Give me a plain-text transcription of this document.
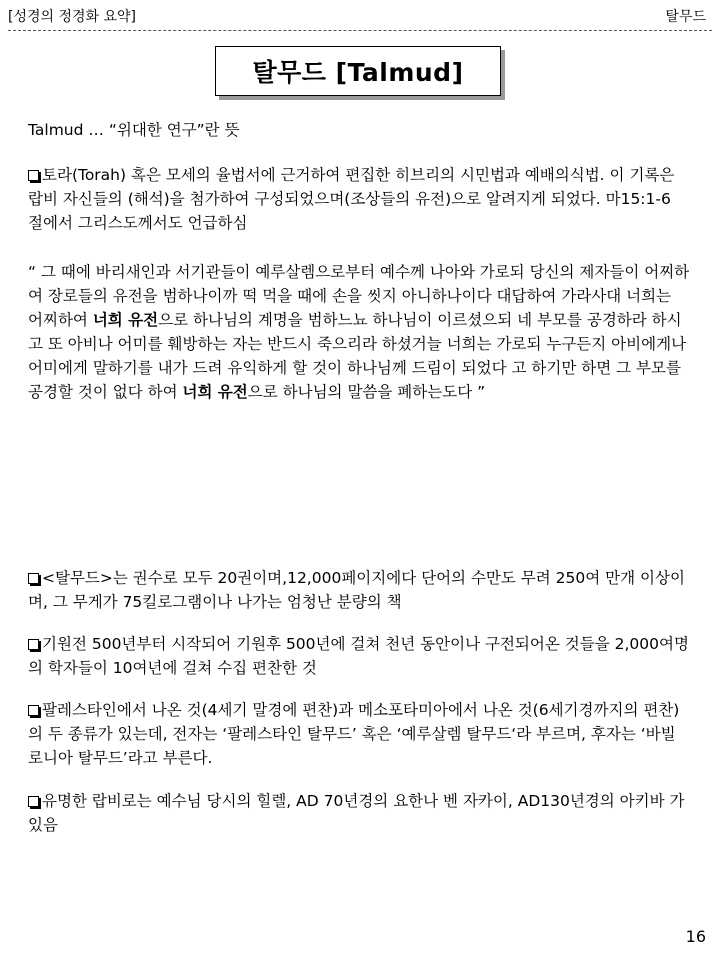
[성경의 정경화 요약]	탈무드
탈무드 [Talmud]

Talmud … “위대한 연구”란 뜻

토라(Torah) 혹은 모세의 율법서에 근거하여 편집한 히브리의 시민법과 예배의식법. 이 기록은 랍비 자신들의 (해석)을 첨가하여 구성되었으며(조상들의 유전)으로 알려지게 되었다. 마15:1-6 절에서 그리스도께서도 언급하심

“ 그 때에 바리새인과 서기관들이 예루살렘으로부터 예수께 나아와 가로되 당신의 제자들이 어찌하여 장로들의 유전을 범하나이까 떡 먹을 때에 손을 씻지 아니하나이다 대답하여 가라사대 너희는 어찌하여 너희 유전으로 하나님의 계명을 범하느뇨 하나님이 이르셨으되 네 부모를 공경하라 하시고 또 아비나 어미를 훼방하는 자는 반드시 죽으리라 하셨거늘 너희는 가로되 누구든지 아비에게나 어미에게 말하기를 내가 드려 유익하게 할 것이 하나님께 드림이 되었다 고 하기만 하면 그 부모를 공경할 것이 없다 하여 너희 유전으로 하나님의 말씀을 폐하는도다 ”

<탈무드>는 권수로 모두 20권이며,12,000페이지에다 단어의 수만도 무려 250여 만개 이상이며, 그 무게가 75킬로그램이나 나가는 엄청난 분량의 책

기원전 500년부터 시작되어 기원후 500년에 걸쳐 천년 동안이나 구전되어온 것들을 2,000여명의 학자들이 10여년에 걸쳐 수집 편찬한 것

팔레스타인에서 나온 것(4세기 말경에 편찬)과 메소포타미아에서 나온 것(6세기경까지의 편찬)의 두 종류가 있는데, 전자는 ‘팔레스타인 탈무드’ 혹은 ‘예루살렘 탈무드‘라 부르며, 후자는 ‘바빌로니아 탈무드’라고 부른다.

유명한 랍비로는 예수님 당시의 힐렐, AD 70년경의 요한나 벤 자카이, AD130년경의 아키바 가 있음

16
